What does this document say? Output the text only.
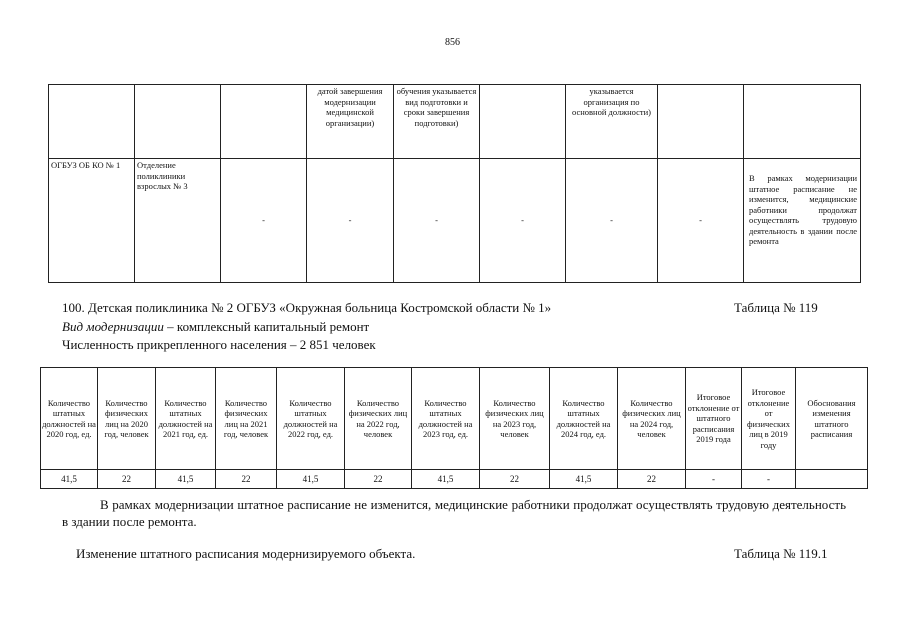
856
			датой завершения модернизации медицинской организации)	обучения указывается вид подготовки и сроки завершения подготовки)		указывается организация по основной должности)		
ОГБУЗ ОБ КО № 1	Отделение поликлиники взрослых № 3	-	-	-	-	-	-	В рамках модернизации штатное расписание не изменится, медицинские работники продолжат осуществлять трудовую деятельность в здании после ремонта
100. Детская поликлиника № 2 ОГБУЗ «Окружная больница Костромской области № 1»	Таблица № 119
Вид модернизации – комплексный капитальный ремонт
Численность прикрепленного населения – 2 851 человек
Количество штатных должностей на 2020 год, ед.	Количество физических лиц на 2020 год, человек	Количество штатных должностей на 2021 год, ед.	Количество физических лиц на 2021 год, человек	Количество штатных должностей на 2022 год, ед.	Количество физических лиц на 2022 год, человек	Количество штатных должностей на 2023 год, ед.	Количество физических лиц на 2023 год, человек	Количество штатных должностей на 2024 год, ед.	Количество физических лиц на 2024 год, человек	Итоговое отклонение от штатного расписания 2019 года	Итоговое отклонение от физических лиц в 2019 году	Обоснования изменения штатного расписания
41,5	22	41,5	22	41,5	22	41,5	22	41,5	22	-	-	
В рамках модернизации штатное расписание не изменится, медицинские работники продолжат осуществлять трудовую деятельность в здании после ремонта.
Изменение штатного расписания модернизируемого объекта.	Таблица № 119.1
